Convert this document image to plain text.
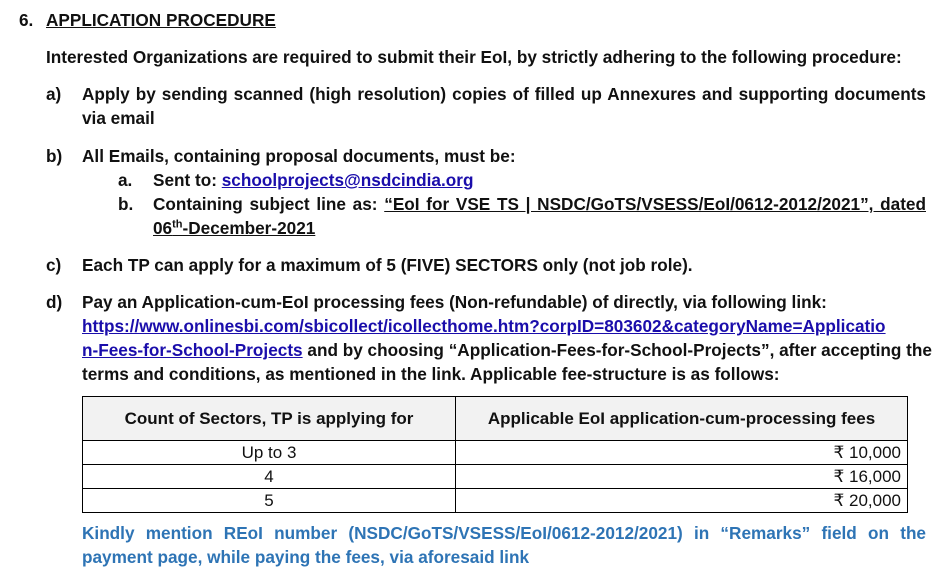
6. APPLICATION PROCEDURE
Interested Organizations are required to submit their EoI, by strictly adhering to the following procedure:
a) Apply by sending scanned (high resolution) copies of filled up Annexures and supporting documents
via email
b) All Emails, containing proposal documents, must be:
a. Sent to: schoolprojects@nsdcindia.org
b. Containing subject line as: “EoI for VSE TS | NSDC/GoTS/VSESS/EoI/0612-2012/2021”, dated
06th-December-2021
c) Each TP can apply for a maximum of 5 (FIVE) SECTORS only (not job role).
d) Pay an Application-cum-EoI processing fees (Non-refundable) of directly, via following link:
https://www.onlinesbi.com/sbicollect/icollecthome.htm?corpID=803602&categoryName=Applicatio
n-Fees-for-School-Projects and by choosing “Application-Fees-for-School-Projects”, after accepting the
terms and conditions, as mentioned in the link. Applicable fee-structure is as follows:
Count of Sectors, TP is applying for	Applicable EoI application-cum-processing fees
Up to 3	₹ 10,000
4	₹ 16,000
5	₹ 20,000
Kindly mention REoI number (NSDC/GoTS/VSESS/EoI/0612-2012/2021) in “Remarks” field on the
payment page, while paying the fees, via aforesaid link
